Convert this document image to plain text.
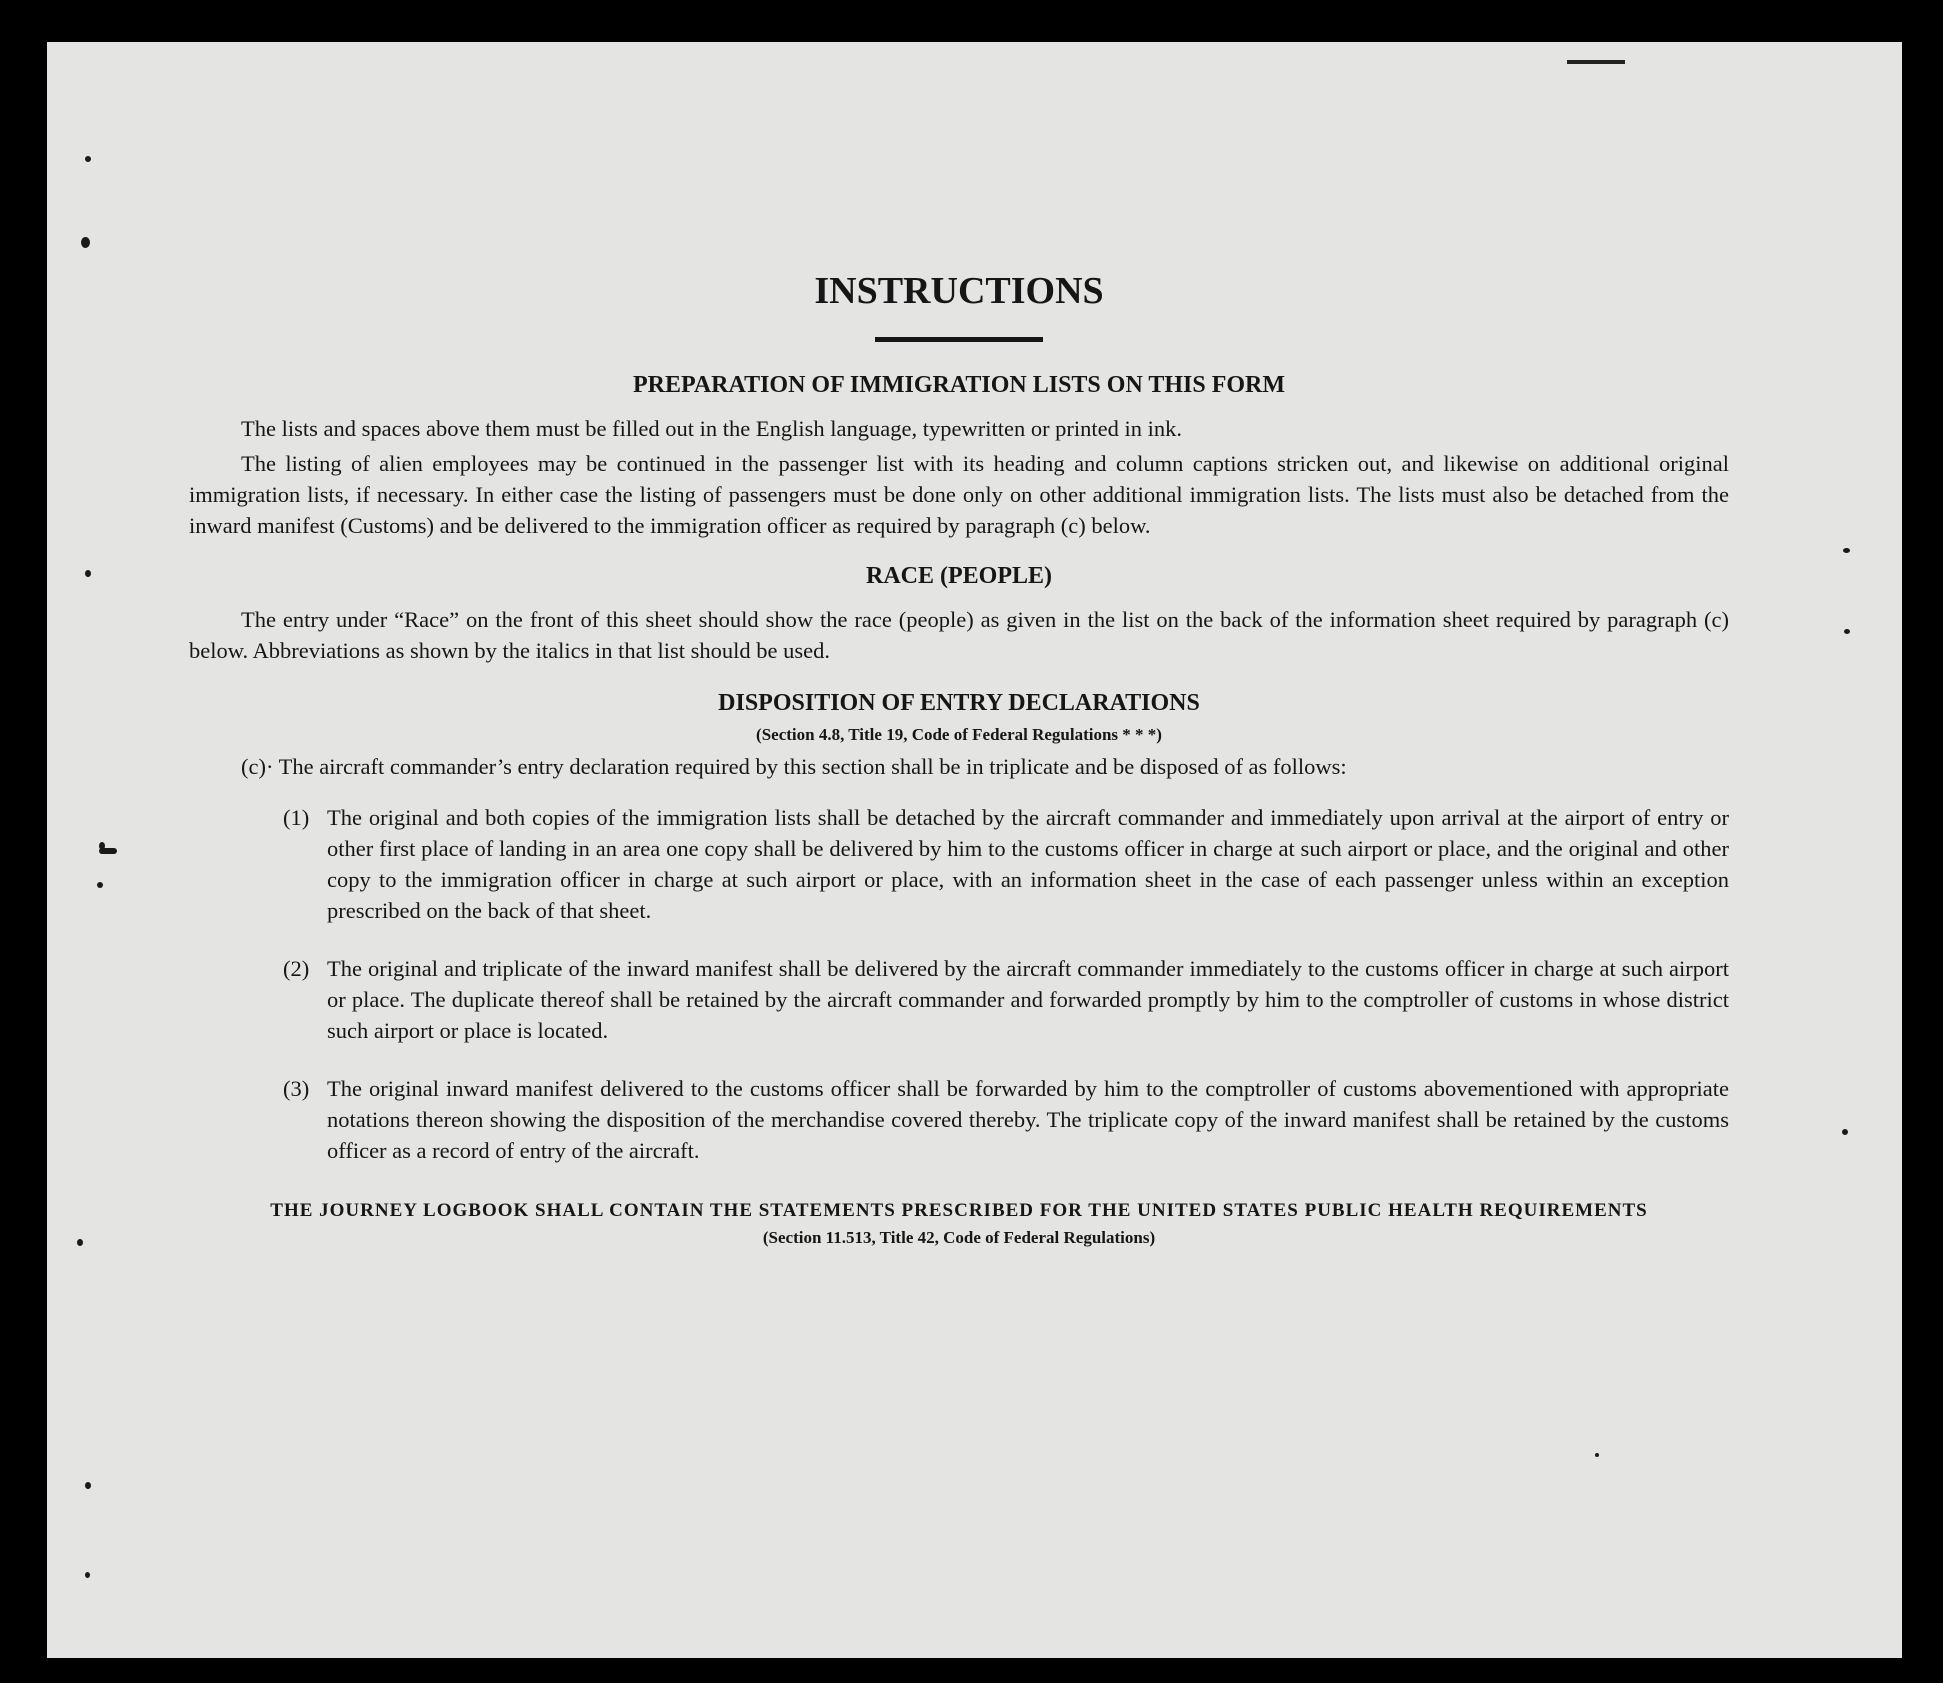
INSTRUCTIONS
PREPARATION OF IMMIGRATION LISTS ON THIS FORM

The lists and spaces above them must be filled out in the English language, typewritten or printed in ink.

The listing of alien employees may be continued in the passenger list with its heading and column captions stricken out, and likewise on additional original immigration lists, if necessary. In either case the listing of passengers must be done only on other additional immigration lists. The lists must also be detached from the inward manifest (Customs) and be delivered to the immigration officer as required by paragraph (c) below.

RACE (PEOPLE)

The entry under “Race” on the front of this sheet should show the race (people) as given in the list on the back of the information sheet required by paragraph (c) below. Abbreviations as shown by the italics in that list should be used.

DISPOSITION OF ENTRY DECLARATIONS
(Section 4.8, Title 19, Code of Federal Regulations * * *)

(c)· The aircraft commander’s entry declaration required by this section shall be in triplicate and be disposed of as follows:

(1) The original and both copies of the immigration lists shall be detached by the aircraft commander and immediately upon arrival at the airport of entry or other first place of landing in an area one copy shall be delivered by him to the customs officer in charge at such airport or place, and the original and other copy to the immigration officer in charge at such airport or place, with an information sheet in the case of each passenger unless within an exception prescribed on the back of that sheet.
(2) The original and triplicate of the inward manifest shall be delivered by the aircraft commander immediately to the customs officer in charge at such airport or place. The duplicate thereof shall be retained by the aircraft commander and forwarded promptly by him to the comptroller of customs in whose district such airport or place is located.
(3) The original inward manifest delivered to the customs officer shall be forwarded by him to the comptroller of customs abovementioned with appropriate notations thereon showing the disposition of the merchandise covered thereby. The triplicate copy of the inward manifest shall be retained by the customs officer as a record of entry of the aircraft.
THE JOURNEY LOGBOOK SHALL CONTAIN THE STATEMENTS PRESCRIBED FOR THE UNITED STATES PUBLIC HEALTH REQUIREMENTS
(Section 11.513, Title 42, Code of Federal Regulations)
